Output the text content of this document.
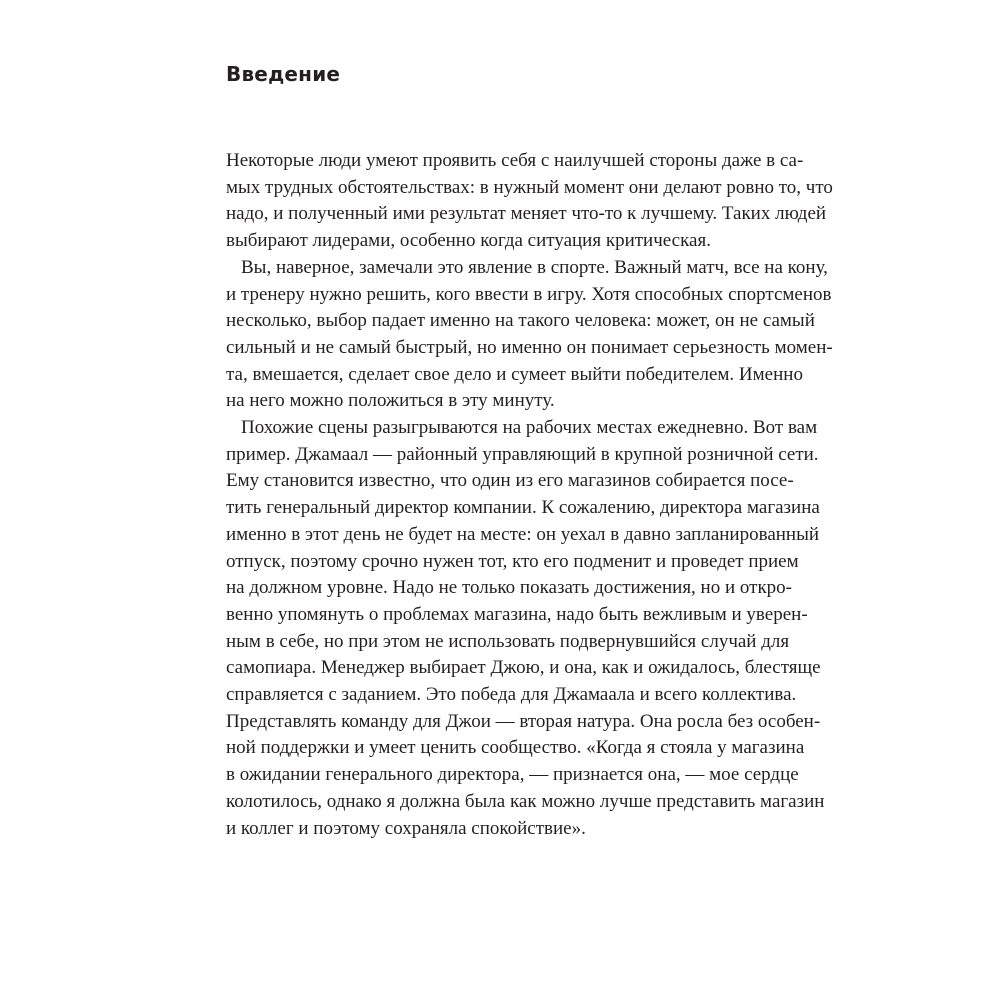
Введение

Некоторые люди умеют проявить себя с наилучшей стороны даже в са-
мых трудных обстоятельствах: в нужный момент они делают ровно то, что
надо, и полученный ими результат меняет что-то к лучшему. Таких людей
выбирают лидерами, особенно когда ситуация критическая.

Вы, наверное, замечали это явление в спорте. Важный матч, все на кону,
и тренеру нужно решить, кого ввести в игру. Хотя способных спортсменов
несколько, выбор падает именно на такого человека: может, он не самый
сильный и не самый быстрый, но именно он понимает серьезность момен-
та, вмешается, сделает свое дело и сумеет выйти победителем. Именно
на него можно положиться в эту минуту.

Похожие сцены разыгрываются на рабочих местах ежедневно. Вот вам
пример. Джамаал — районный управляющий в крупной розничной сети.
Ему становится известно, что один из его магазинов собирается посе-
тить генеральный директор компании. К сожалению, директора магазина
именно в этот день не будет на месте: он уехал в давно запланированный
отпуск, поэтому срочно нужен тот, кто его подменит и проведет прием
на должном уровне. Надо не только показать достижения, но и откро-
венно упомянуть о проблемах магазина, надо быть вежливым и уверен-
ным в себе, но при этом не использовать подвернувшийся случай для
самопиара. Менеджер выбирает Джою, и она, как и ожидалось, блестяще
справляется с заданием. Это победа для Джамаала и всего коллектива.
Представлять команду для Джои — вторая натура. Она росла без особен-
ной поддержки и умеет ценить сообщество. «Когда я стояла у магазина
в ожидании генерального директора, — признается она, — мое сердце
колотилось, однако я должна была как можно лучше представить магазин
и коллег и поэтому сохраняла спокойствие».
